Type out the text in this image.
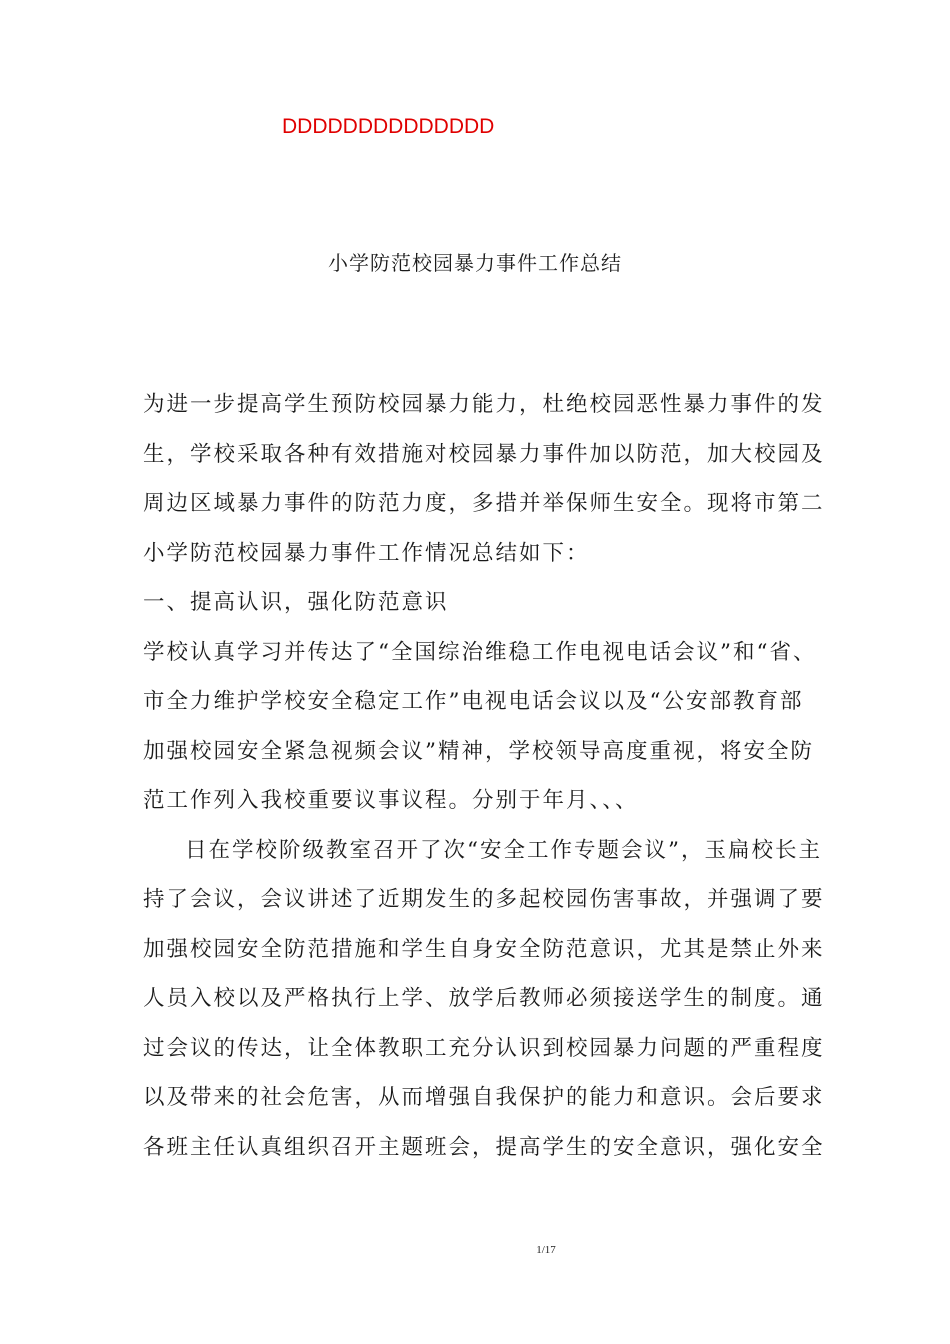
DDDDDDDDDDDDDD
小学防范校园暴力事件工作总结
为进一步提高学生预防校园暴力能力，杜绝校园恶性暴力事件的发
生，学校采取各种有效措施对校园暴力事件加以防范，加大校园及
周边区域暴力事件的防范力度，多措并举保师生安全。现将市第二
小学防范校园暴力事件工作情况总结如下：
一、提高认识，强化防范意识
学校认真学习并传达了“全国综治维稳工作电视电话会议”和“省、
市全力维护学校安全稳定工作”电视电话会议以及“公安部教育部
加强校园安全紧急视频会议”精神，学校领导高度重视，将安全防
范工作列入我校重要议事议程。分别于年月、、、
日在学校阶级教室召开了次“安全工作专题会议”，玉扁校长主
持了会议，会议讲述了近期发生的多起校园伤害事故，并强调了要
加强校园安全防范措施和学生自身安全防范意识，尤其是禁止外来
人员入校以及严格执行上学、放学后教师必须接送学生的制度。通
过会议的传达，让全体教职工充分认识到校园暴力问题的严重程度
以及带来的社会危害，从而增强自我保护的能力和意识。会后要求
各班主任认真组织召开主题班会，提高学生的安全意识，强化安全
1/17
